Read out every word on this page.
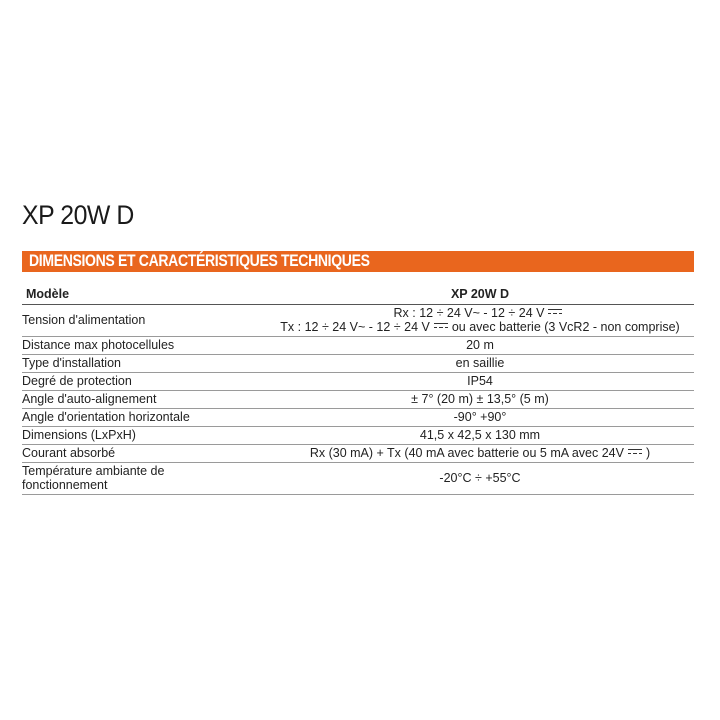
XP 20W D
DIMENSIONS ET CARACTÉRISTIQUES TECHNIQUES
Modèle	XP 20W D
Tension d'alimentation	Rx : 12 ÷ 24 V~ - 12 ÷ 24 V
Tx : 12 ÷ 24 V~ - 12 ÷ 24 V ou avec batterie (3 VcR2 - non comprise)

Distance max photocellules	20 m
Type d'installation	en saillie
Degré de protection	IP54
Angle d'auto-alignement	± 7° (20 m) ± 13,5° (5 m)
Angle d'orientation horizontale	-90° +90°
Dimensions (LxPxH)	41,5 x 42,5 x 130 mm
Courant absorbé	Rx (30 mA) + Tx (40 mA avec batterie ou 5 mA avec 24V )

Température ambiante de
fonctionnement	-20°C ÷ +55°C
